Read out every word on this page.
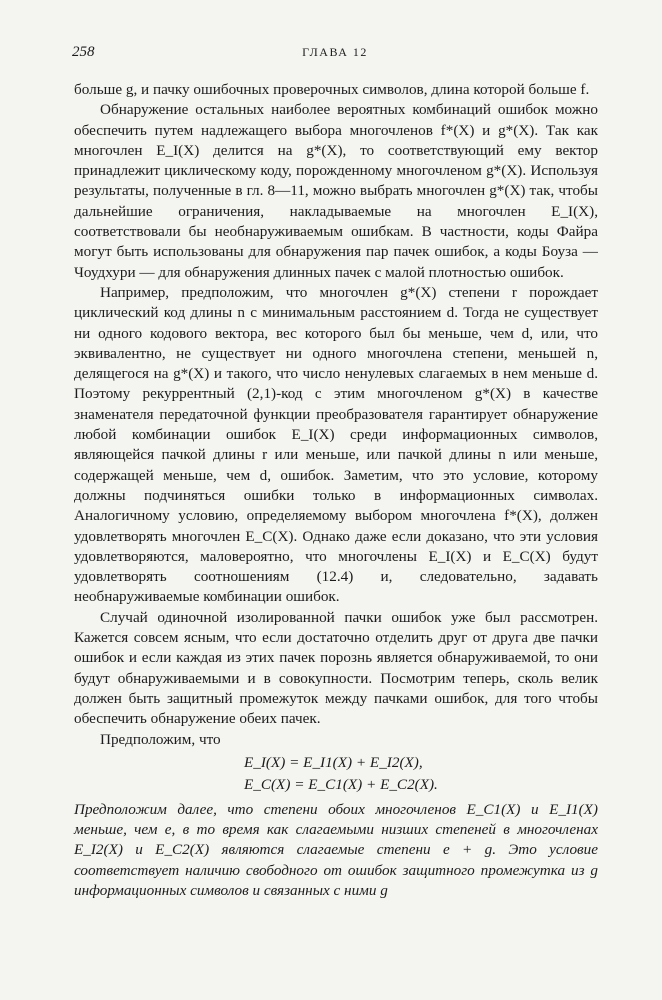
258	ГЛАВА 12

больше g, и пачку ошибочных проверочных символов, длина которой больше f.

Обнаружение остальных наиболее вероятных комбинаций ошибок можно обеспечить путем надлежащего выбора многочленов f*(X) и g*(X). Так как многочлен E_I(X) делится на g*(X), то соответствующий ему вектор принадлежит циклическому коду, порожденному многочленом g*(X). Используя результаты, полученные в гл. 8—11, можно выбрать многочлен g*(X) так, чтобы дальнейшие ограничения, накладываемые на многочлен E_I(X), соответствовали бы необнаруживаемым ошибкам. В частности, коды Файра могут быть использованы для обнаружения пар пачек ошибок, а коды Боуза — Чоудхури — для обнаружения длинных пачек с малой плотностью ошибок.

Например, предположим, что многочлен g*(X) степени r порождает циклический код длины n с минимальным расстоянием d. Тогда не существует ни одного кодового вектора, вес которого был бы меньше, чем d, или, что эквивалентно, не существует ни одного многочлена степени, меньшей n, делящегося на g*(X) и такого, что число ненулевых слагаемых в нем меньше d. Поэтому рекуррентный (2,1)-код с этим многочленом g*(X) в качестве знаменателя передаточной функции преобразователя гарантирует обнаружение любой комбинации ошибок E_I(X) среди информационных символов, являющейся пачкой длины r или меньше, или пачкой длины n или меньше, содержащей меньше, чем d, ошибок. Заметим, что это условие, которому должны подчиняться ошибки только в информационных символах. Аналогичному условию, определяемому выбором многочлена f*(X), должен удовлетворять многочлен E_C(X). Однако даже если доказано, что эти условия удовлетворяются, маловероятно, что многочлены E_I(X) и E_C(X) будут удовлетворять соотношениям (12.4) и, следовательно, задавать необнаруживаемые комбинации ошибок.

Случай одиночной изолированной пачки ошибок уже был рассмотрен. Кажется совсем ясным, что если достаточно отделить друг от друга две пачки ошибок и если каждая из этих пачек порознь является обнаруживаемой, то они будут обнаруживаемыми и в совокупности. Посмотрим теперь, сколь велик должен быть защитный промежуток между пачками ошибок, для того чтобы обеспечить обнаружение обеих пачек.

Предположим, что

E_I(X) = E_I1(X) + E_I2(X),
E_C(X) = E_C1(X) + E_C2(X).

Предположим далее, что степени обоих многочленов E_C1(X) и E_I1(X) меньше, чем e, в то время как слагаемыми низших степеней в многочленах E_I2(X) и E_C2(X) являются слагаемые степени e + g. Это условие соответствует наличию свободного от ошибок защитного промежутка из g информационных символов и связанных с ними g
